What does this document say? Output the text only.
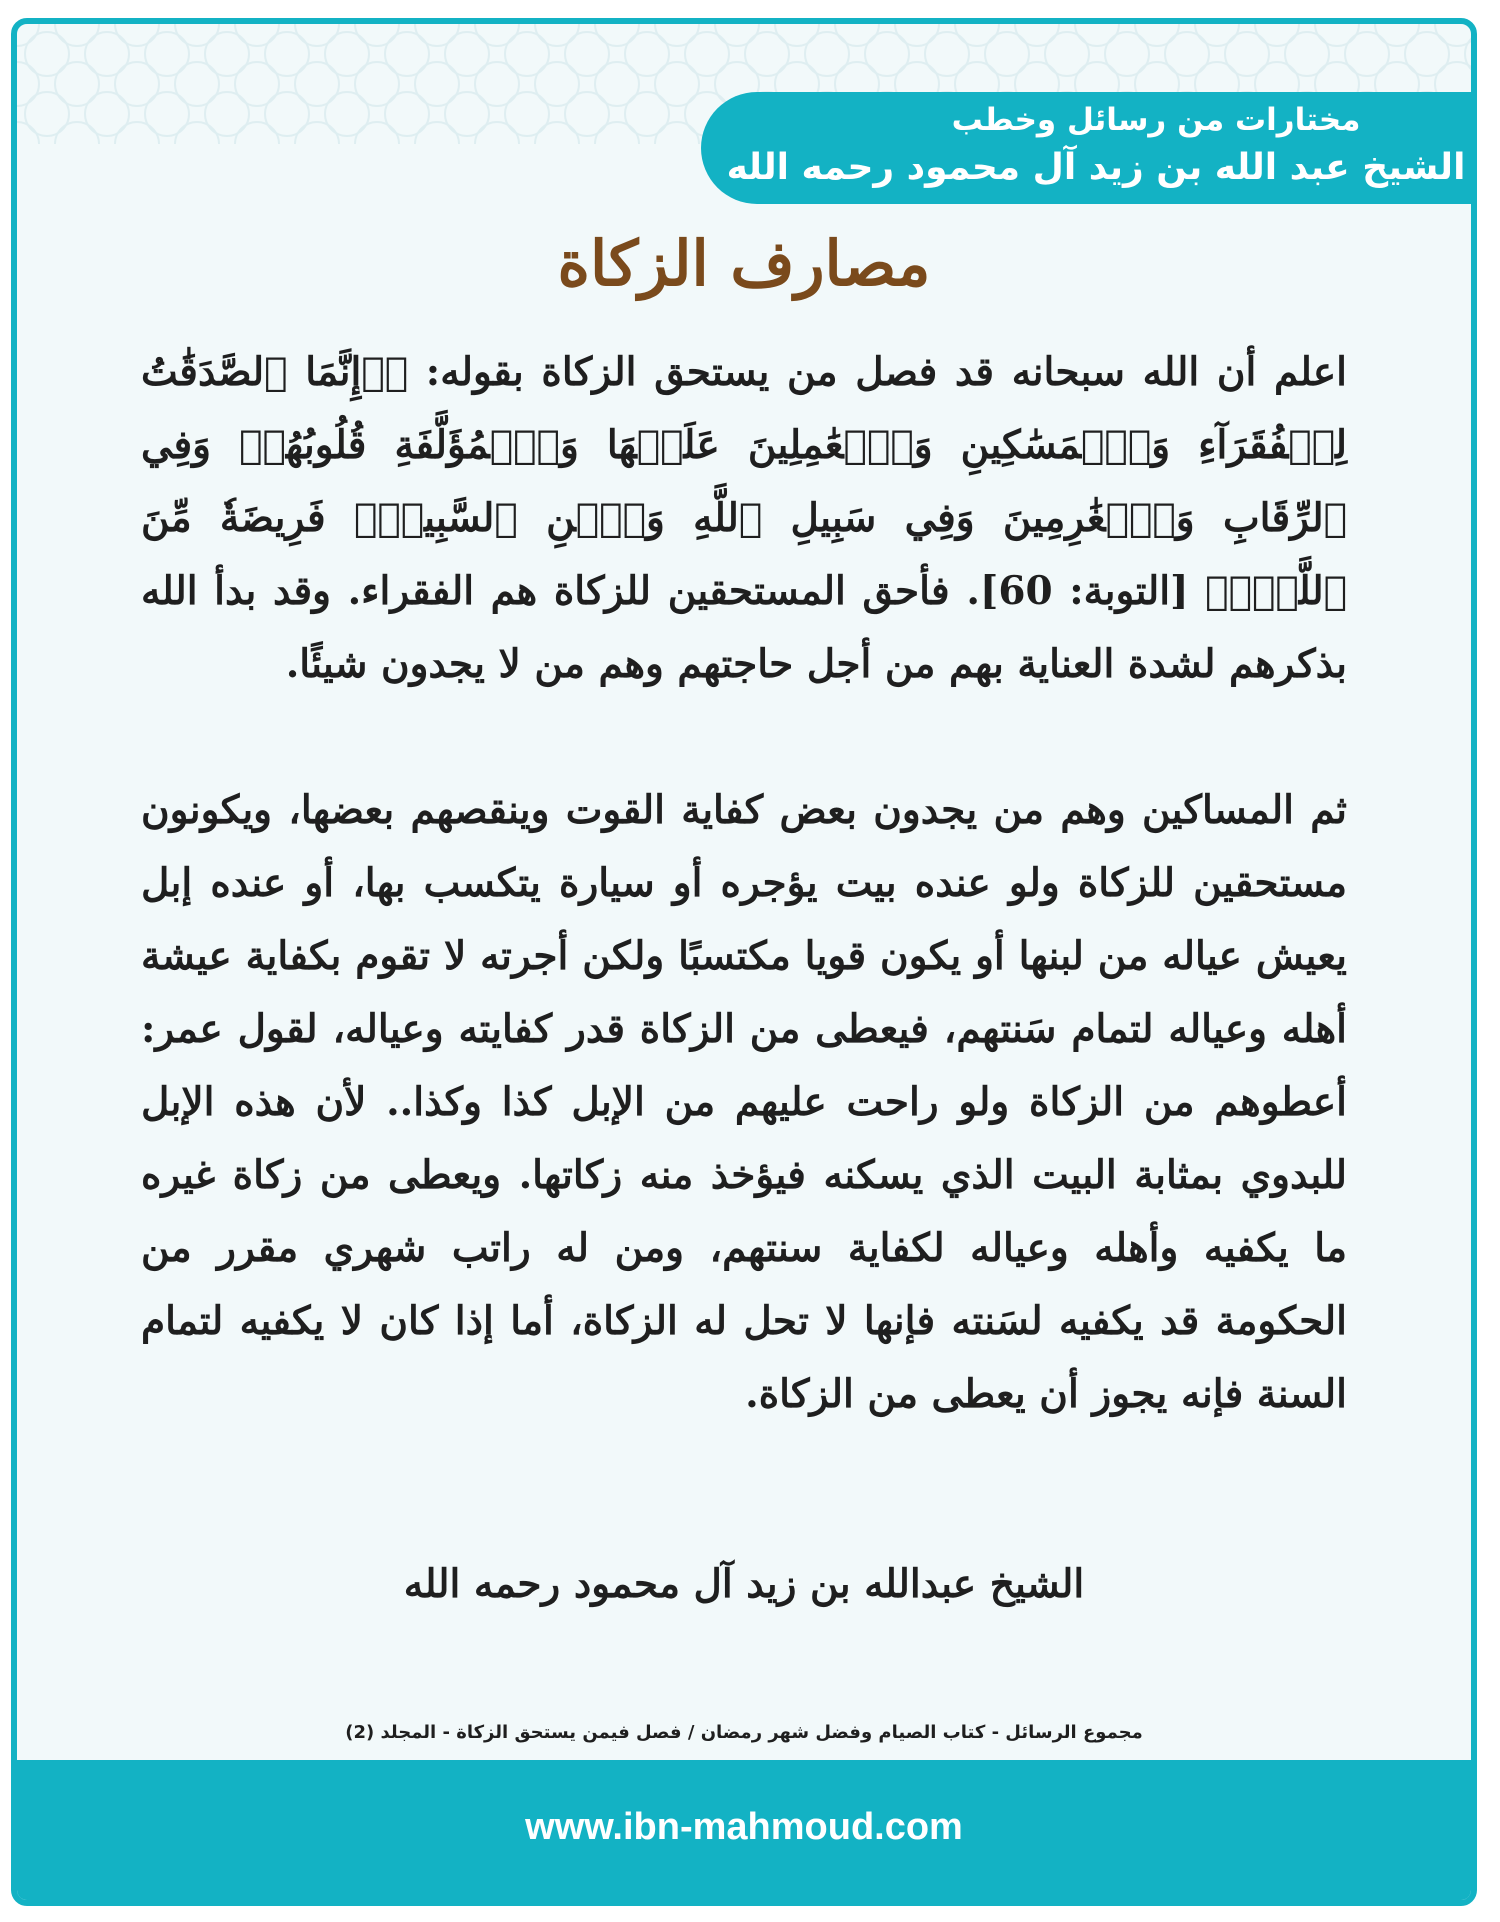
مختارات من رسائل وخطب
الشيخ عبد الله بن زيد آل محمود رحمه الله
مصارف الزكاة

اعلم أن الله سبحانه قد فصل من يستحق الزكاة بقوله: ﴿۞إِنَّمَا ٱلصَّدَقَٰتُ لِلۡفُقَرَآءِ وَٱلۡمَسَٰكِينِ وَٱلۡعَٰمِلِينَ عَلَيۡهَا وَٱلۡمُؤَلَّفَةِ قُلُوبُهُمۡ وَفِي ٱلرِّقَابِ وَٱلۡغَٰرِمِينَ وَفِي سَبِيلِ ٱللَّهِ وَٱبۡنِ ٱلسَّبِيلِۖ فَرِيضَةٗ مِّنَ ٱللَّهِۗ﴾ [التوبة: 60]. فأحق المستحقين للزكاة هم الفقراء. وقد بدأ الله بذكرهم لشدة العناية بهم من أجل حاجتهم وهم من لا يجدون شيئًا.

ثم المساكين وهم من يجدون بعض كفاية القوت وينقصهم بعضها، ويكونون مستحقين للزكاة ولو عنده بيت يؤجره أو سيارة يتكسب بها، أو عنده إبل يعيش عياله من لبنها أو يكون قويا مكتسبًا ولكن أجرته لا تقوم بكفاية عيشة أهله وعياله لتمام سَنتهم، فيعطى من الزكاة قدر كفايته وعياله، لقول عمر: أعطوهم من الزكاة ولو راحت عليهم من الإبل كذا وكذا.. لأن هذه الإبل للبدوي بمثابة البيت الذي يسكنه فيؤخذ منه زكاتها. ويعطى من زكاة غيره ما يكفيه وأهله وعياله لكفاية سنتهم، ومن له راتب شهري مقرر من الحكومة قد يكفيه لسَنته فإنها لا تحل له الزكاة، أما إذا كان لا يكفيه لتمام السنة فإنه يجوز أن يعطى من الزكاة.

الشيخ عبدالله بن زيد آل محمود رحمه الله
مجموع الرسائل - كتاب الصيام وفضل شهر رمضان / فصل فيمن يستحق الزكاة - المجلد (2)
www.ibn-mahmoud.com
